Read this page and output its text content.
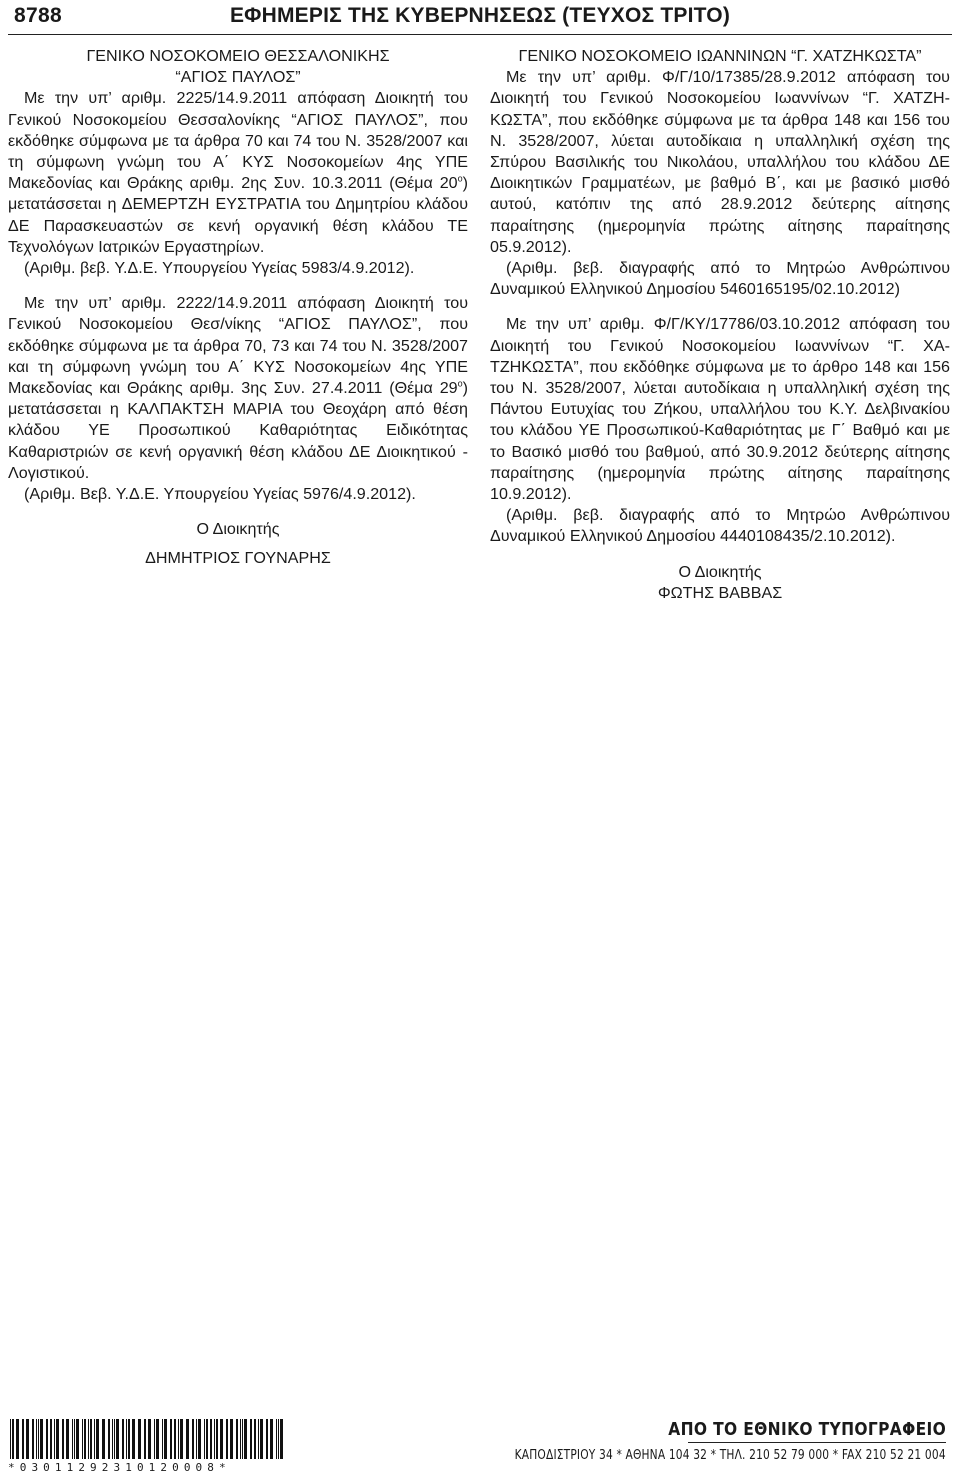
8788	ΕΦΗΜΕΡΙΣ ΤΗΣ ΚΥΒΕΡΝΗΣΕΩΣ (ΤΕΥΧΟΣ ΤΡΙΤΟ)

ΓΕΝΙΚΟ ΝΟΣΟΚΟΜΕΙΟ ΘΕΣΣΑΛΟΝΙΚΗΣ

“ΑΓΙΟΣ ΠΑΥΛΟΣ”

Με την υπ’ αριθμ. 2225/14.9.2011 απόφαση Διοικητή του Γενικού Νοσοκομείου Θεσσαλονίκης “ΑΓΙΟΣ ΠΑΥΛΟΣ”, που εκδόθηκε σύμφωνα με τα άρθρα 70 και 74 του Ν. 3528/2007 και τη σύμφωνη γνώμη του Α΄ ΚΥΣ Νοσοκομείων 4ης ΥΠΕ Μακεδονίας και Θράκης αριθμ. 2ης Συν. 10.3.2011 (Θέμα $20^o$) μετατάσσεται η ΔΕΜΕΡΤΖΗ ΕΥΣΤΡΑΤΙΑ του Δημητρίου κλάδου ΔΕ Παρασκευαστών σε κενή οργανική θέση κλάδου ΤΕ Τεχνολόγων Ιατρικών Εργαστηρίων.

(Αριθμ. βεβ. Υ.Δ.Ε. Υπουργείου Υγείας 5983/4.9.2012).

Με την υπ’ αριθμ. 2222/14.9.2011 απόφαση Διοικητή του Γενικού Νοσοκομείου Θεσ/νίκης “ΑΓΙΟΣ ΠΑΥΛΟΣ”, που εκδόθηκε σύμφωνα με τα άρθρα 70, 73 και 74 του Ν. 3528/2007 και τη σύμφωνη γνώμη του Α΄ ΚΥΣ Νοσοκομείων 4ης ΥΠΕ Μακεδονίας και Θράκης αριθμ. 3ης Συν. 27.4.2011 (Θέμα $29^o$) μετατάσσεται η ΚΑΛΠΑΚΤΣΗ ΜΑΡΙΑ του Θεοχάρη από θέση κλάδου ΥΕ Προσωπικού Καθαριότητας Ειδικότητας Καθαριστριών σε κενή οργανική θέση κλάδου ΔΕ Διοικητικού - Λογιστικού.

(Αριθμ. Βεβ. Υ.Δ.Ε. Υπουργείου Υγείας 5976/4.9.2012).

Ο Διοικητής

ΔΗΜΗΤΡΙΟΣ ΓΟΥΝΑΡΗΣ

ΓΕΝΙΚΟ ΝΟΣΟΚΟΜΕΙΟ ΙΩΑΝΝΙΝΩΝ “Γ. ΧΑΤΖΗΚΩΣΤΑ”

Με την υπ’ αριθμ. Φ/Γ/10/17385/28.9.2012 απόφαση του Διοικητή του Γενικού Νοσοκομείου Ιωαννίνων “Γ. ΧΑΤΖΗΚΩΣΤΑ”, που εκδόθηκε σύμφωνα με τα άρθρα 148 και 156 του Ν. 3528/2007, λύεται αυτοδίκαια η υπαλληλική σχέση της Σπύρου Βασιλικής του Νικολάου, υπαλλήλου του κλάδου ΔΕ Διοικητικών Γραμματέων, με βαθμό Β΄, και με βασικό μισθό αυτού, κατόπιν της από 28.9.2012 δεύτερης αίτησης παραίτησης (ημερομηνία πρώτης αίτησης παραίτησης 05.9.2012).

(Αριθμ. βεβ. διαγραφής από το Μητρώο Ανθρώπινου Δυναμικού Ελληνικού Δημοσίου 5460165195/02.10.2012)

Με την υπ’ αριθμ. Φ/Γ/ΚΥ/17786/03.10.2012 απόφαση του Διοικητή του Γενικού Νοσοκομείου Ιωαννίνων “Γ. ΧΑΤΖΗΚΩΣΤΑ”, που εκδόθηκε σύμφωνα με το άρθρο 148 και 156 του Ν. 3528/2007, λύεται αυτοδίκαια η υπαλληλική σχέση της Πάντου Ευτυχίας του Ζήκου, υπαλλήλου του Κ.Υ. Δελβινακίου του κλάδου ΥΕ Προσωπικού-Καθαριότητας με Γ΄ Βαθμό και με το Βασικό μισθό του βαθμού, από 30.9.2012 δεύτερης αίτησης παραίτησης (ημερομηνία πρώτης αίτησης παραίτησης 10.9.2012).

(Αριθμ. βεβ. διαγραφής από το Μητρώο Ανθρώπινου Δυναμικού Ελληνικού Δημοσίου 4440108435/2.10.2012).

Ο Διοικητής

ΦΩΤΗΣ ΒΑΒΒΑΣ

*03011292310120008*
ΑΠΟ ΤΟ ΕΘΝΙΚΟ ΤΥΠΟΓΡΑΦΕΙΟ
ΚΑΠΟΔΙΣΤΡΙΟΥ 34 * ΑΘΗΝΑ 104 32 * ΤΗΛ. 210 52 79 000 * FAX 210 52 21 004
